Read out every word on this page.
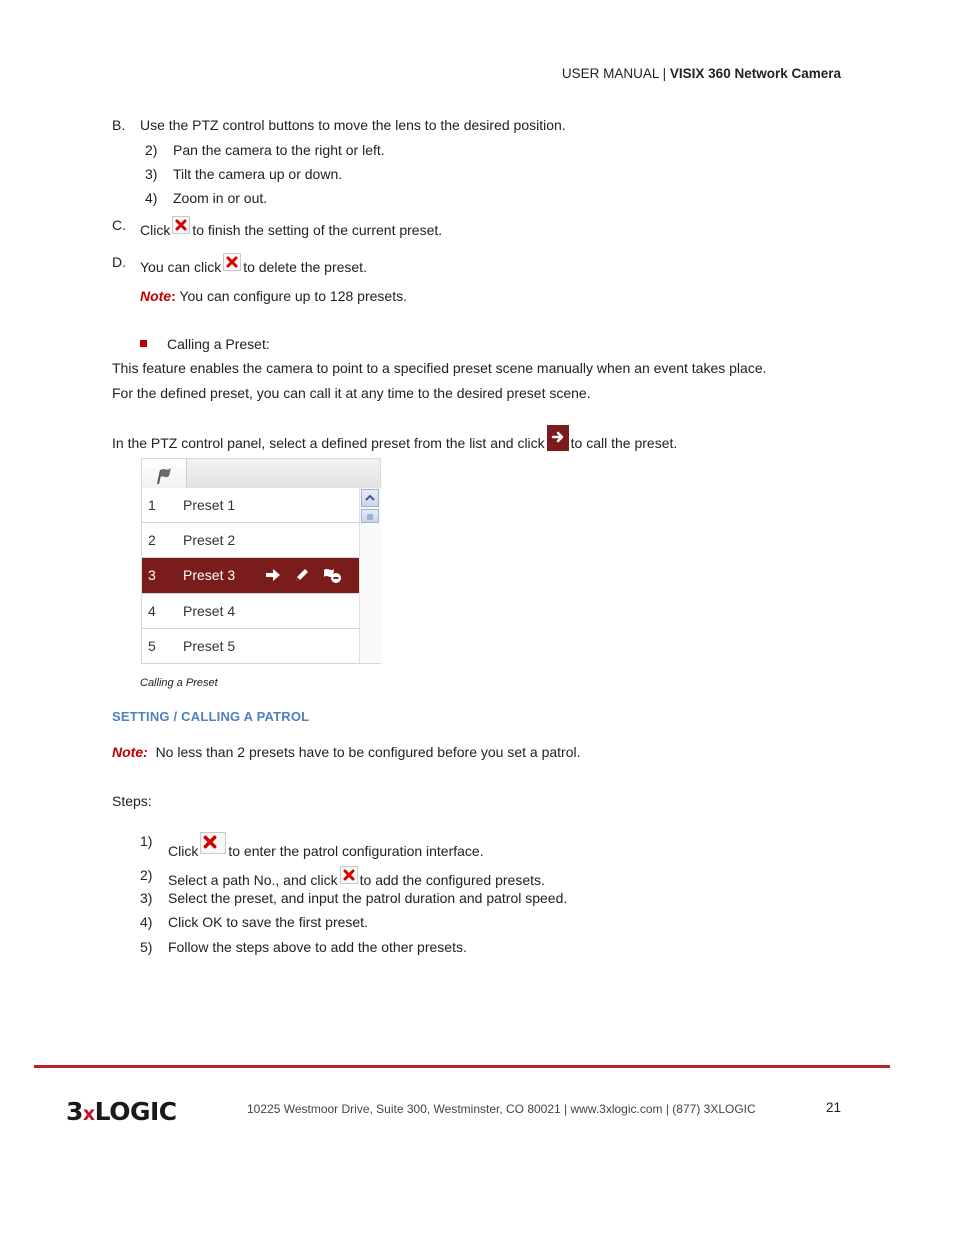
USER MANUAL | VISIX 360 Network Camera
B. Use the PTZ control buttons to move the lens to the desired position.
2) Pan the camera to the right or left.
3) Tilt the camera up or down.
4) Zoom in or out.
C. Click to finish the setting of the current preset.
D. You can click to delete the preset.
Note: You can configure up to 128 presets.
Calling a Preset:
This feature enables the camera to point to a specified preset scene manually when an event takes place.
For the defined preset, you can call it at any time to the desired preset scene.
In the PTZ control panel, select a defined preset from the list and click to call the preset.
1 Preset 1
2 Preset 2
3 Preset 3

4 Preset 4
5 Preset 5
Calling a Preset
SETTING / CALLING A PATROL
Note: No less than 2 presets have to be configured before you set a patrol.
Steps:
1)
Click to enter the patrol configuration interface.
2) Select a path No., and click to add the configured presets.
3) Select the preset, and input the patrol duration and patrol speed.
4) Click OK to save the first preset.
5) Follow the steps above to add the other presets.
3xLOGIC	10225 Westmoor Drive, Suite 300, Westminster, CO 80021 | www.3xlogic.com | (877) 3XLOGIC	21
